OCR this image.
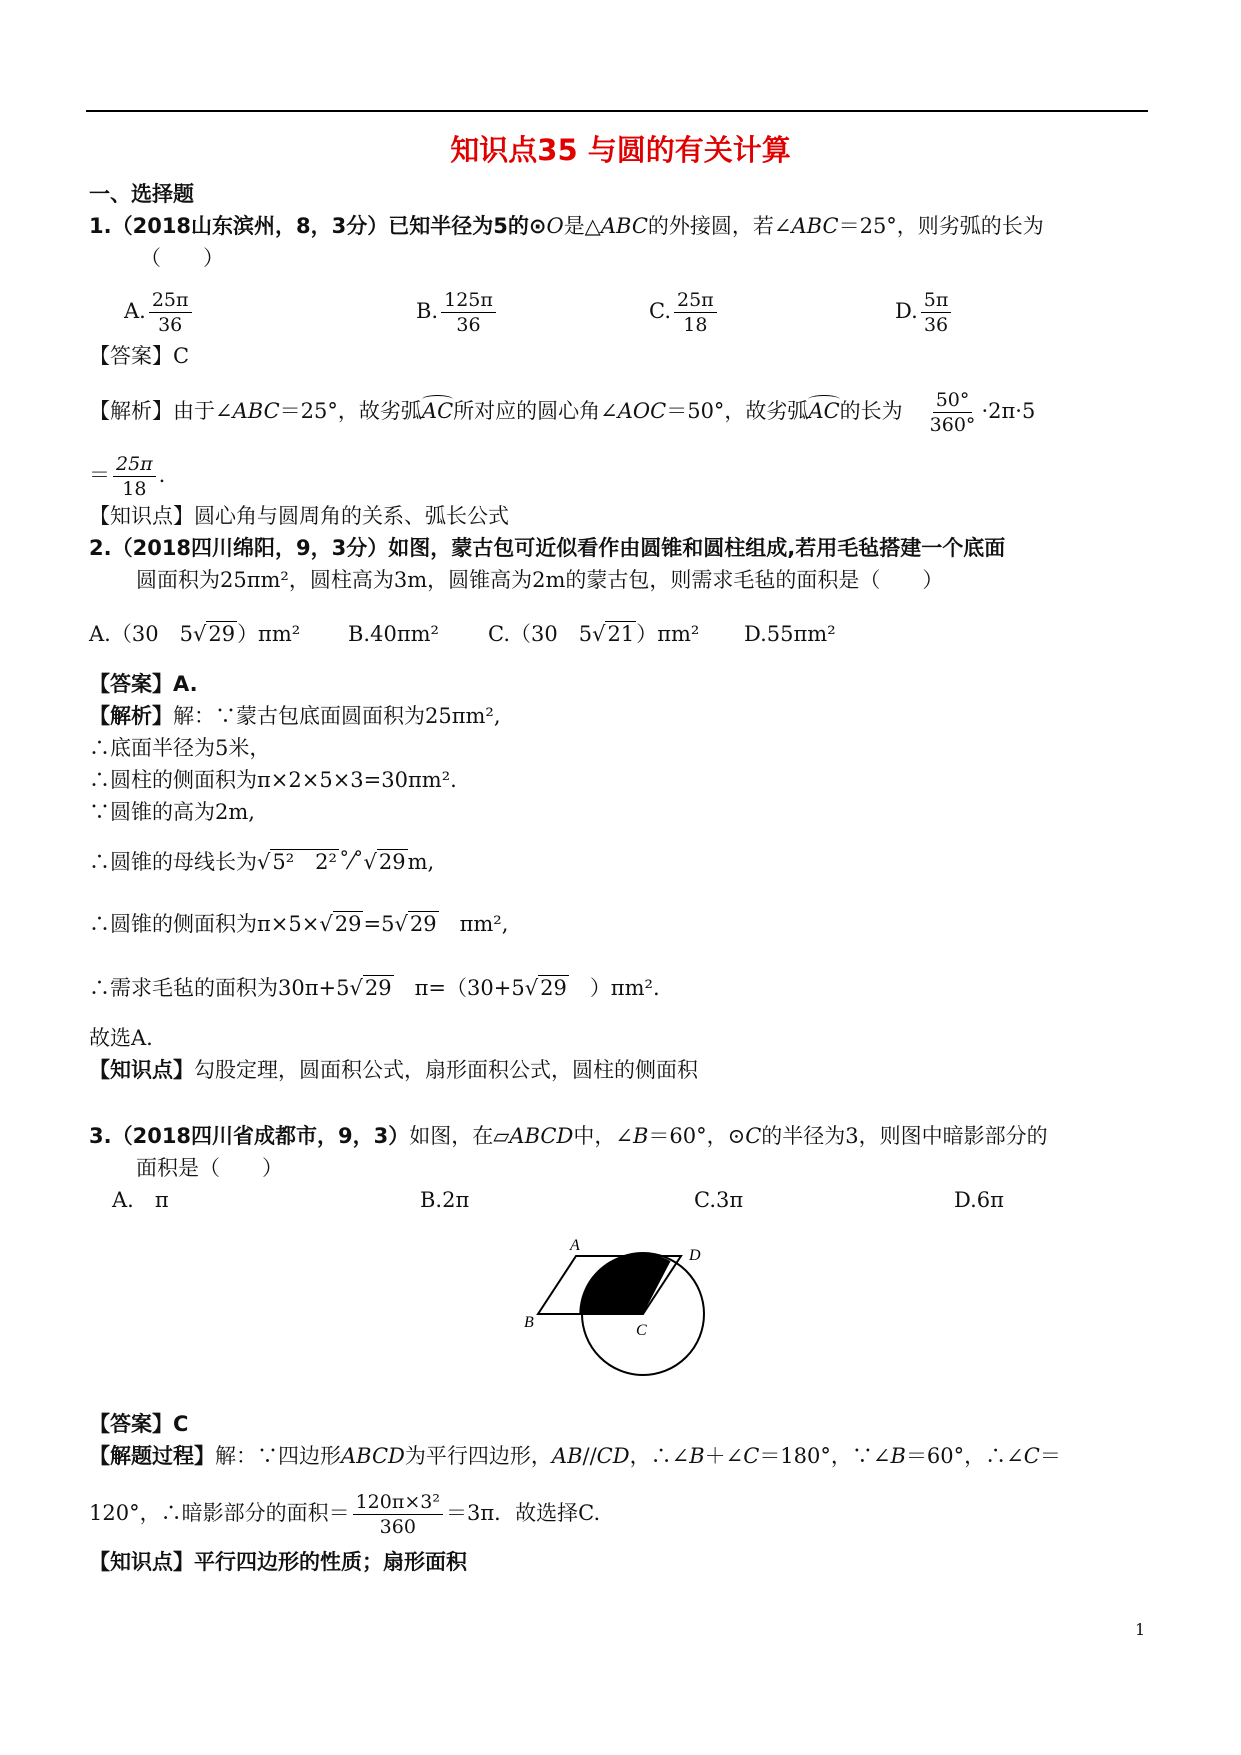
知识点35 与圆的有关计算
一、选择题
1.（2018山东滨州，8，3分）已知半径为5的⊙O是△ABC的外接圆，若∠ABC＝25°，则劣弧的长为
（　　）
A. $\frac{25\pi}{36}$	B. $\frac{125\pi}{36}$	C. $\frac{25\pi}{18}$	D. $\frac{5\pi}{36}$
【答案】C
【解析】由于∠ABC＝25°，故劣弧AC所对应的圆心角∠AOC＝50°，故劣弧AC的长为　 $\frac{50^\circ}{360^\circ} \cdot 2\pi\cdot 5$
＝ $\frac{25\pi}{18}$ .
【知识点】圆心角与圆周角的关系、弧长公式
2.（2018四川绵阳，9，3分）如图，蒙古包可近似看作由圆锥和圆柱组成,若用毛毡搭建一个底面
圆面积为25πm²，圆柱高为3m，圆锥高为2m的蒙古包，则需求毛毡的面积是（　　）
A.（30　 5√29）πm² B.40πm² C.（30　 5√21）πm² D.55πm²
【答案】A.
【解析】解：∵蒙古包底面圆面积为25πm²,
∴底面半径为5米，
∴圆柱的侧面积为π×2×5×3=30πm².
∵圆锥的高为2m,
∴圆锥的母线长为√5²　2²˚⁄˚√29m,
∴圆锥的侧面积为π×5×√29=5√29　 πm²,
∴需求毛毡的面积为30π+5√29　 π=（30+5√29　 ）πm².
故选A.
【知识点】勾股定理，圆面积公式，扇形面积公式，圆柱的侧面积
3.（2018四川省成都市，9，3）如图，在▱ABCD中，∠B＝60°，⊙C的半径为3，则图中暗影部分的
面积是（　　）
A.　π	B.2π	C.3π	D.6π
A
D
B	C
【答案】C
【解题过程】解：∵四边形ABCD为平行四边形，AB//CD，∴∠B＋∠C＝180°，∵∠B＝60°，∴∠C＝
120°，∴暗影部分的面积＝ $\frac{\text{120π×3²}}{360} =3\pi$．故选择C.
【知识点】平行四边形的性质；扇形面积
1
